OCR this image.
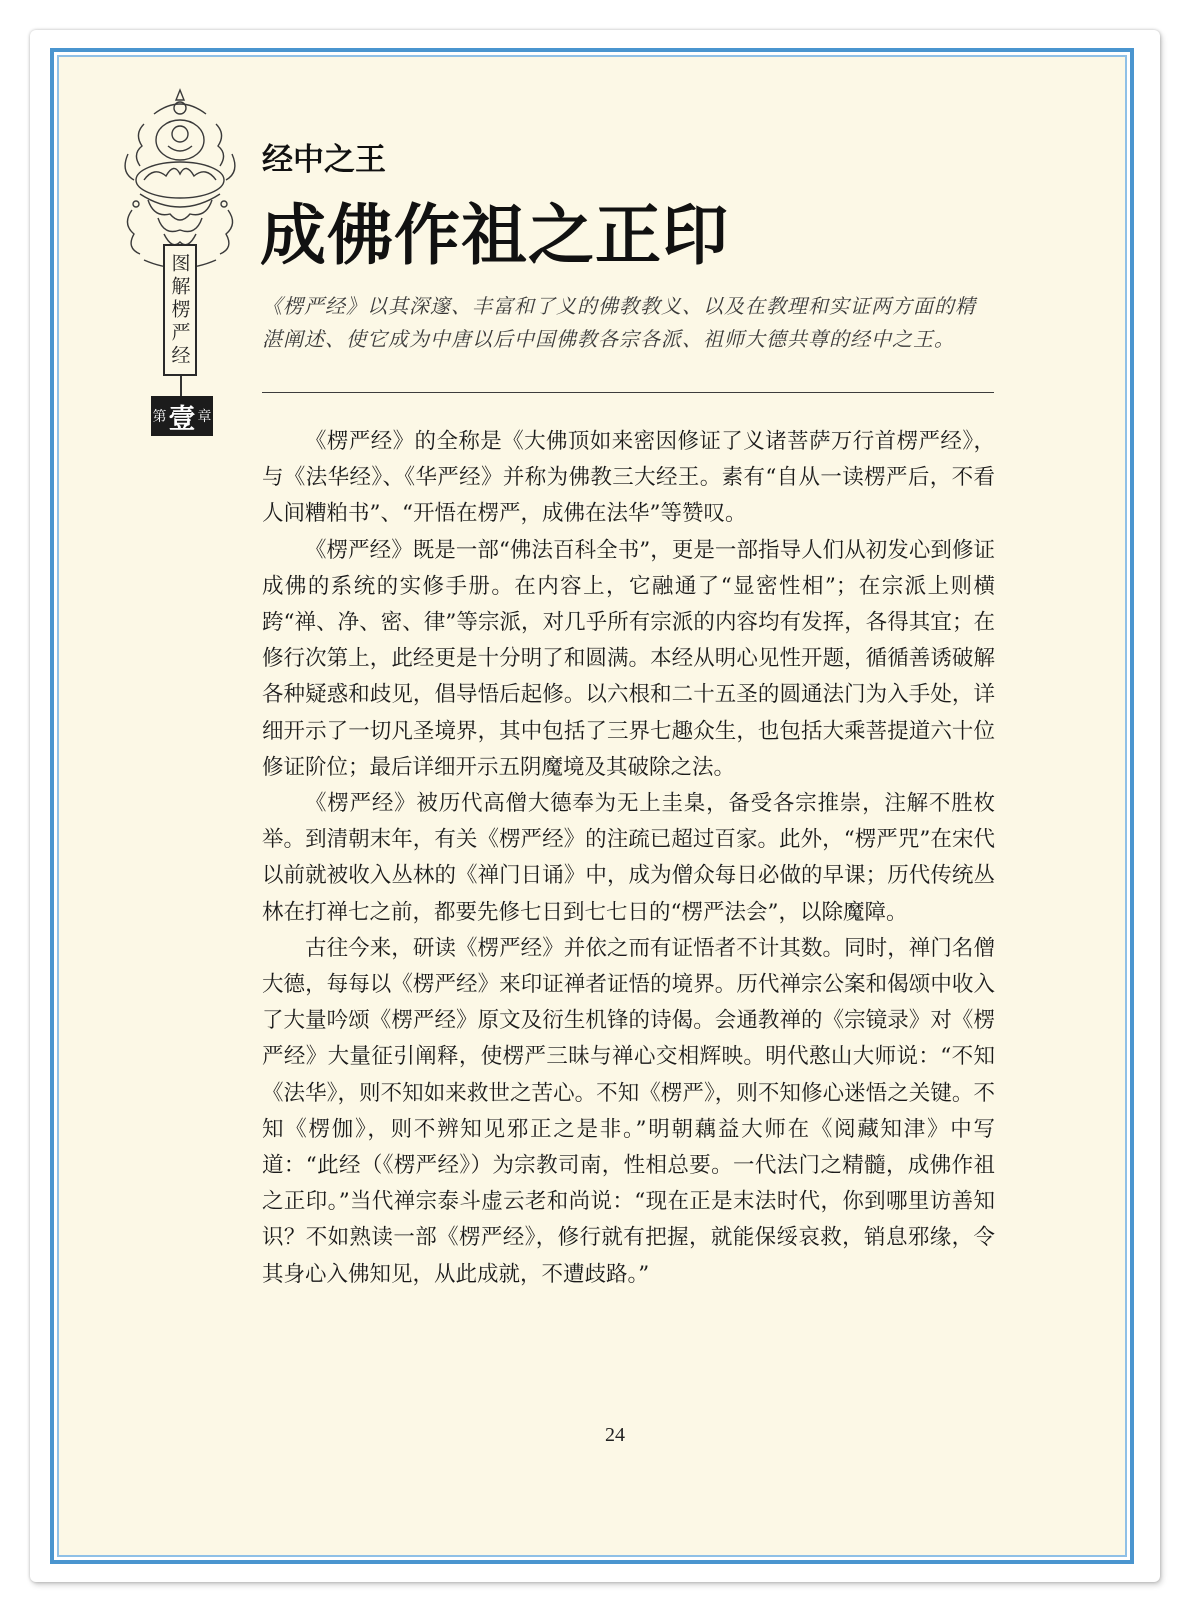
图解楞严经
第 壹 章
经中之王
成佛作祖之正印
《楞严经》以其深邃、丰富和了义的佛教教义、以及在教理和实证两方面的精湛阐述、使它成为中唐以后中国佛教各宗各派、祖师大德共尊的经中之王。

《楞严经》的全称是《大佛顶如来密因修证了义诸菩萨万行首楞严经》，与《法华经》、《华严经》并称为佛教三大经王。素有“自从一读楞严后，不看人间糟粕书”、“开悟在楞严，成佛在法华”等赞叹。

《楞严经》既是一部“佛法百科全书”，更是一部指导人们从初发心到修证成佛的系统的实修手册。在内容上，它融通了“显密性相”；在宗派上则横跨“禅、净、密、律”等宗派，对几乎所有宗派的内容均有发挥，各得其宜；在修行次第上，此经更是十分明了和圆满。本经从明心见性开题，循循善诱破解各种疑惑和歧见，倡导悟后起修。以六根和二十五圣的圆通法门为入手处，详细开示了一切凡圣境界，其中包括了三界七趣众生，也包括大乘菩提道六十位修证阶位；最后详细开示五阴魔境及其破除之法。

《楞严经》被历代高僧大德奉为无上圭臬，备受各宗推崇，注解不胜枚举。到清朝末年，有关《楞严经》的注疏已超过百家。此外，“楞严咒”在宋代以前就被收入丛林的《禅门日诵》中，成为僧众每日必做的早课；历代传统丛林在打禅七之前，都要先修七日到七七日的“楞严法会”，以除魔障。

古往今来，研读《楞严经》并依之而有证悟者不计其数。同时，禅门名僧大德，每每以《楞严经》来印证禅者证悟的境界。历代禅宗公案和偈颂中收入了大量吟颂《楞严经》原文及衍生机锋的诗偈。会通教禅的《宗镜录》对《楞严经》大量征引阐释，使楞严三昧与禅心交相辉映。明代憨山大师说：“不知《法华》，则不知如来救世之苦心。不知《楞严》，则不知修心迷悟之关键。不知《楞伽》，则不辨知见邪正之是非。”明朝藕益大师在《阅藏知津》中写道：“此经（《楞严经》）为宗教司南，性相总要。一代法门之精髓，成佛作祖之正印。”当代禅宗泰斗虚云老和尚说：“现在正是末法时代，你到哪里访善知识？不如熟读一部《楞严经》，修行就有把握，就能保绥哀救，销息邪缘，令其身心入佛知见，从此成就，不遭歧路。”

24
